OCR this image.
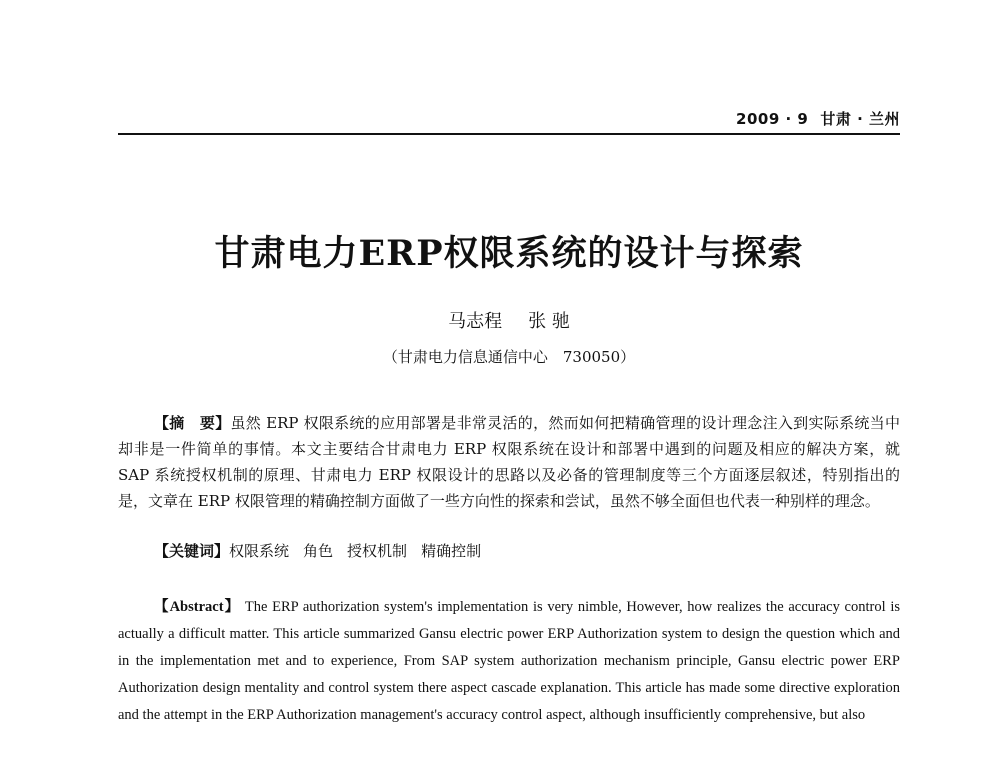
2009 · 9 甘肃 · 兰州
甘肃电力ERP权限系统的设计与探索
马志程 张 驰
（甘肃电力信息通信中心　730050）
【摘　要】虽然 ERP 权限系统的应用部署是非常灵活的，然而如何把精确管理的设计理念注入到实际系统当中却非是一件简单的事情。本文主要结合甘肃电力 ERP 权限系统在设计和部署中遇到的问题及相应的解决方案，就 SAP 系统授权机制的原理、甘肃电力 ERP 权限设计的思路以及必备的管理制度等三个方面逐层叙述，特别指出的是，文章在 ERP 权限管理的精确控制方面做了一些方向性的探索和尝试，虽然不够全面但也代表一种别样的理念。
【关键词】权限系统 角色 授权机制 精确控制
【Abstract】 The ERP authorization system's implementation is very nimble, However, how realizes the accuracy control is actually a difficult matter. This article summarized Gansu electric power ERP Authorization system to design the question which and in the implementation met and to experience, From SAP system authorization mechanism principle, Gansu electric power ERP Authorization design mentality and control system there aspect cascade explanation. This article has made some directive exploration and the attempt in the ERP Authorization management's accuracy control aspect, although insufficiently comprehensive, but also
